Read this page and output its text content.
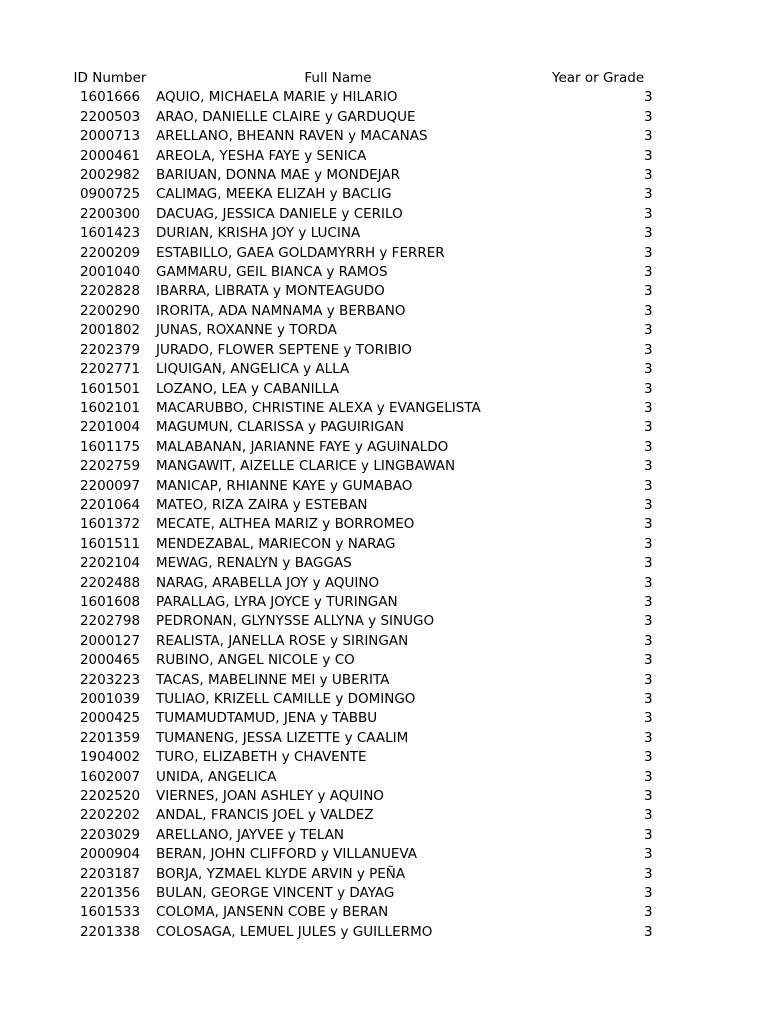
ID Number	Full Name	Year or Grade
1601666	AQUIO, MICHAELA MARIE y HILARIO	3
2200503	ARAO, DANIELLE CLAIRE y GARDUQUE	3
2000713	ARELLANO, BHEANN RAVEN y MACANAS	3
2000461	AREOLA, YESHA FAYE y SENICA	3
2002982	BARIUAN, DONNA MAE y MONDEJAR	3
0900725	CALIMAG, MEEKA ELIZAH y BACLIG	3
2200300	DACUAG, JESSICA DANIELE y CERILO	3
1601423	DURIAN, KRISHA JOY y LUCINA	3
2200209	ESTABILLO, GAEA GOLDAMYRRH y FERRER	3
2001040	GAMMARU, GEIL BIANCA y RAMOS	3
2202828	IBARRA, LIBRATA y MONTEAGUDO	3
2200290	IRORITA, ADA NAMNAMA y BERBANO	3
2001802	JUNAS, ROXANNE y TORDA	3
2202379	JURADO, FLOWER SEPTENE y TORIBIO	3
2202771	LIQUIGAN, ANGELICA y ALLA	3
1601501	LOZANO, LEA y CABANILLA	3
1602101	MACARUBBO, CHRISTINE ALEXA y EVANGELISTA	3
2201004	MAGUMUN, CLARISSA y PAGUIRIGAN	3
1601175	MALABANAN, JARIANNE FAYE y AGUINALDO	3
2202759	MANGAWIT, AIZELLE CLARICE y LINGBAWAN	3
2200097	MANICAP, RHIANNE KAYE y GUMABAO	3
2201064	MATEO, RIZA ZAIRA y ESTEBAN	3
1601372	MECATE, ALTHEA MARIZ y BORROMEO	3
1601511	MENDEZABAL, MARIECON y NARAG	3
2202104	MEWAG, RENALYN y BAGGAS	3
2202488	NARAG, ARABELLA JOY y AQUINO	3
1601608	PARALLAG, LYRA JOYCE y TURINGAN	3
2202798	PEDRONAN, GLYNYSSE ALLYNA y SINUGO	3
2000127	REALISTA, JANELLA ROSE y SIRINGAN	3
2000465	RUBINO, ANGEL NICOLE y CO	3
2203223	TACAS, MABELINNE MEI y UBERITA	3
2001039	TULIAO, KRIZELL CAMILLE y DOMINGO	3
2000425	TUMAMUDTAMUD, JENA y TABBU	3
2201359	TUMANENG, JESSA LIZETTE y CAALIM	3
1904002	TURO, ELIZABETH y CHAVENTE	3
1602007	UNIDA, ANGELICA	3
2202520	VIERNES, JOAN ASHLEY y AQUINO	3
2202202	ANDAL, FRANCIS JOEL y VALDEZ	3
2203029	ARELLANO, JAYVEE y TELAN	3
2000904	BERAN, JOHN CLIFFORD y VILLANUEVA	3
2203187	BORJA, YZMAEL KLYDE ARVIN y PEÑA	3
2201356	BULAN, GEORGE VINCENT y DAYAG	3
1601533	COLOMA, JANSENN COBE y BERAN	3
2201338	COLOSAGA, LEMUEL JULES y GUILLERMO	3
